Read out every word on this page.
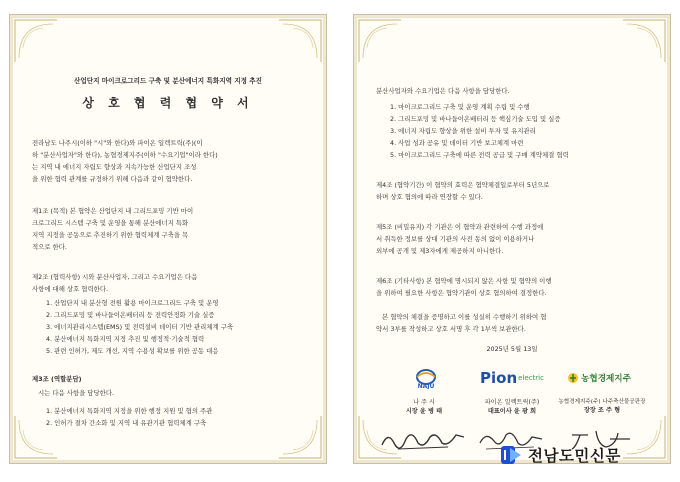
산업단지 마이크로그리드 구축 및 분산에너지 특화지역 지정 추진
상 호 협 력 협 약 서
전라남도 나주시(이하 "시"와 한다)와 파이온 일렉트릭(주)(이
하 "분산사업자"와 한다), 농협경제지주(이하 "수요기업"이라 한다)
는 지역 내 에너지 자립도 향상과 지속가능한 산업단지 조성
을 위한 협력 관계를 규정하기 위해 다음과 같이 협약한다.
제1조 (목적) 본 협약은 산업단지 내 그리드포밍 기반 마이
크로그리드 시스템 구축 및 운영을 통해 분산에너지 특화
지역 지정을 공동으로 추진하기 위한 협력체계 구축을 목
적으로 한다.
제2조 (협력사항) 시와 분산사업자, 그리고 수요기업은 다음
사항에 대해 상호 협력한다.
1. 산업단지 내 분산형 전원 활용 마이크로그리드 구축 및 운영
2. 그리드포밍 및 바나듐이온배터리 등 전력안정화 기술 실증
3. 에너지관리시스템(EMS) 및 전력설비 데이터 기반 관리체계 구축
4. 분산에너지 특화지역 지정 추진 및 행정적·기술적 협력
5. 관련 인허가, 제도 개선, 지역 수용성 확보를 위한 공동 대응
제3조 (역할분담)
시는 다음 사항을 담당한다.
1. 분산에너지 특화지역 지정을 위한 행정 지원 및 협의 주관
2. 인허가 절차 간소화 및 지역 내 유관기관 협력체계 구축
분산사업자와 수요기업은 다음 사항을 담당한다.
1. 마이크로그리드 구축 및 운영 계획 수립 및 수행
2. 그리드포밍 및 바나듐이온배터리 등 핵심기술 도입 및 실증
3. 에너지 자립도 향상을 위한 설비 투자 및 유지관리
4. 사업 성과 공유 및 데이터 기반 보고체계 마련
5. 마이크로그리드 구축에 따른 전력 공급 및 구매 계약체결 협력
제4조 (협약기간) 이 협약의 효력은 협약체결일로부터 5년으로
하며 상호 협의에 따라 연장할 수 있다.
제5조 (비밀유지) 각 기관은 이 협약과 관련하여 수행 과정에
서 취득한 정보를 상대 기관의 사전 동의 없이 이용하거나
외부에 공개 및 제3자에게 제공하지 아니한다.
제6조 (기타사항) 본 협약에 명시되지 않은 사항 및 협약의 이행
을 위하여 필요한 사항은 협약기관이 상호 협의하여 결정한다.
본 협약의 체결을 증명하고 이를 성실히 수행하기 위하여 협
약서 3부를 작성하고 상호 서명 후 각 1부씩 보관한다.
2025년 5월 13일
NAJU	Pion electric	농협경제지주
나 주 시
시장 윤 병 태
파이온 일렉트릭(주)
대표이사 윤 광 희
농협경제지주(주) 나주축산물공판장
장장 조 주 형
전남도민신문
